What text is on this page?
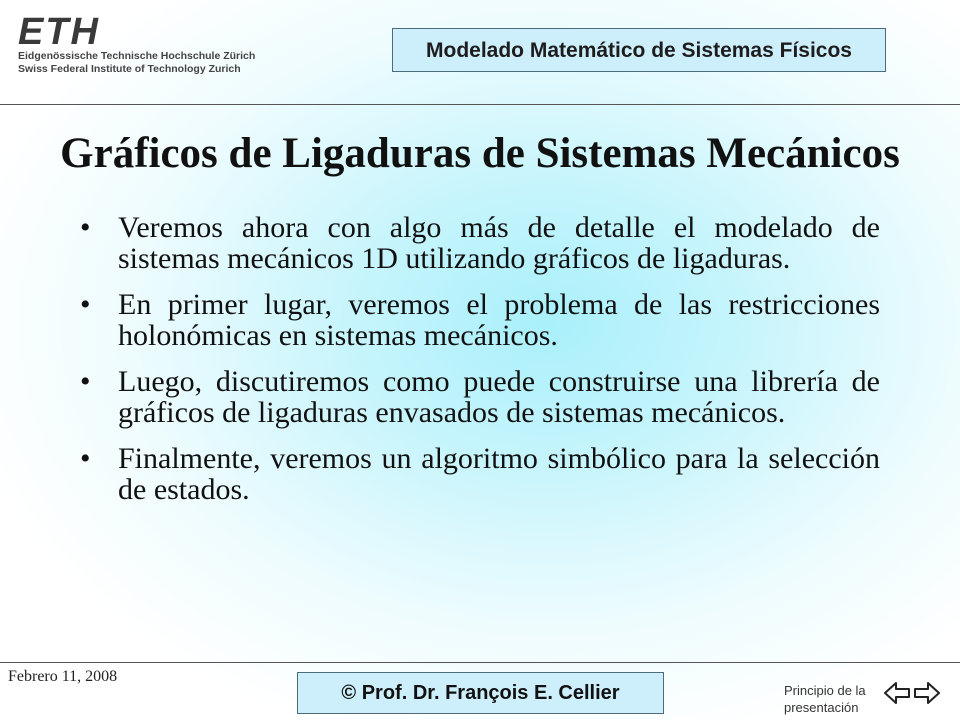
ETH
Eidgenössische Technische Hochschule Zürich
Swiss Federal Institute of Technology Zurich
Modelado Matemático de Sistemas Físicos
Gráficos de Ligaduras de Sistemas Mecánicos
• Veremos ahora con algo más de detalle el modelado de sistemas mecánicos 1D utilizando gráficos de ligaduras.
• En primer lugar, veremos el problema de las restricciones holonómicas en sistemas mecánicos.
• Luego, discutiremos como puede construirse una librería de gráficos de ligaduras envasados de sistemas mecánicos.
• Finalmente, veremos un algoritmo simbólico para la selección de estados.
Febrero 11, 2008
© Prof. Dr. François E. Cellier	Principio de la presentación
